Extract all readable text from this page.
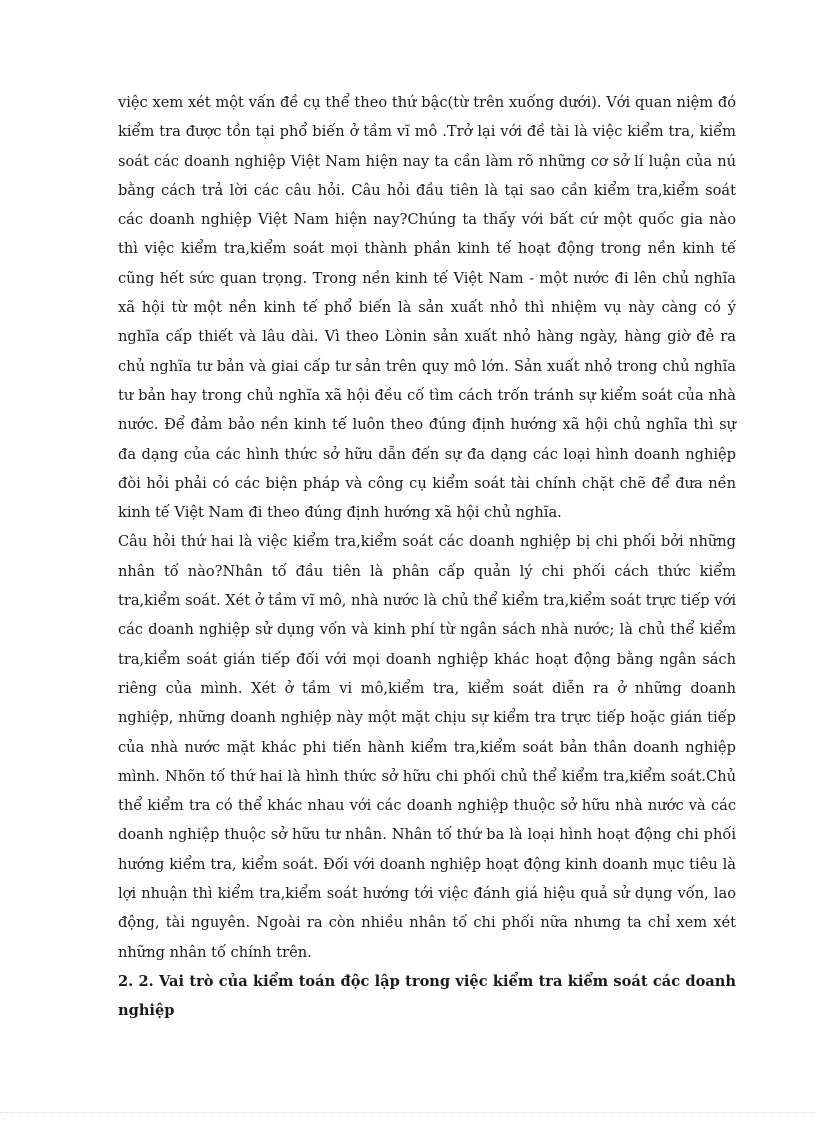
việc xem xét một vấn đề cụ thể theo thứ bậc(từ trên xuống dưới). Với quan niệm đó kiểm tra được tồn tại phổ biến ở tầm vĩ mô .Trở lại với đề tài là việc kiểm tra, kiểm soát các doanh nghiệp Việt Nam hiện nay ta cần làm rõ những cơ sở lí luận của nú bằng cách trả lời các câu hỏi. Câu hỏi đầu tiên là tại sao cần kiểm tra,kiểm soát các doanh nghiệp Việt Nam hiện nay?Chúng ta thấy với bất cứ một quốc gia nào thì việc kiểm tra,kiểm soát mọi thành phần kinh tế hoạt động trong nền kinh tế cũng hết sức quan trọng. Trong nền kinh tế Việt Nam - một nước đi lên chủ nghĩa xã hội từ một nền kinh tế phổ biến là sản xuất nhỏ thì nhiệm vụ này càng có ý nghĩa cấp thiết và lâu dài. Vì theo Lònin sản xuất nhỏ hàng ngày, hàng giờ đẻ ra chủ nghĩa tư bản và giai cấp tư sản trên quy mô lớn. Sản xuất nhỏ trong chủ nghĩa tư bản hay trong chủ nghĩa xã hội đều cố tìm cách trốn tránh sự kiểm soát của nhà nước. Để đảm bảo nền kinh tế luôn theo đúng định hướng xã hội chủ nghĩa thì sự đa dạng của các hình thức sở hữu dẫn đến sự đa dạng các loại hình doanh nghiệp đòi hỏi phải có các biện pháp và công cụ kiểm soát tài chính chặt chẽ để đưa nền kinh tế Việt Nam đi theo đúng định hướng xã hội chủ nghĩa.

Câu hỏi thứ hai là việc kiểm tra,kiểm soát các doanh nghiệp bị chi phối bởi những nhân tố nào?Nhân tố đầu tiên là phân cấp quản lý chi phối cách thức kiểm tra,kiểm soát. Xét ở tầm vĩ mô, nhà nước là chủ thể kiểm tra,kiểm soát trực tiếp với các doanh nghiệp sử dụng vốn và kinh phí từ ngân sách nhà nước; là chủ thể kiểm tra,kiểm soát gián tiếp đối với mọi doanh nghiệp khác hoạt động bằng ngân sách riêng của mình. Xét ở tầm vi mô,kiểm tra, kiểm soát diễn ra ở những doanh nghiệp, những doanh nghiệp này một mặt chịu sự kiểm tra trực tiếp hoặc gián tiếp của nhà nước mặt khác phi tiến hành kiểm tra,kiểm soát bản thân doanh nghiệp mình. Nhõn tố thứ hai là hình thức sở hữu chi phối chủ thể kiểm tra,kiểm soát.Chủ thể kiểm tra có thể khác nhau với các doanh nghiệp thuộc sở hữu nhà nước và các doanh nghiệp thuộc sở hữu tư nhân. Nhân tố thứ ba là loại hình hoạt động chi phối hướng kiểm tra, kiểm soát. Đối với doanh nghiệp hoạt động kinh doanh mục tiêu là lợi nhuận thì kiểm tra,kiểm soát hướng tới việc đánh giá hiệu quả sử dụng vốn, lao động, tài nguyên. Ngoài ra còn nhiều nhân tố chi phối nữa nhưng ta chỉ xem xét những nhân tố chính trên.

2. 2. Vai trò của kiểm toán độc lập trong việc kiểm tra kiểm soát các doanh nghiệp
